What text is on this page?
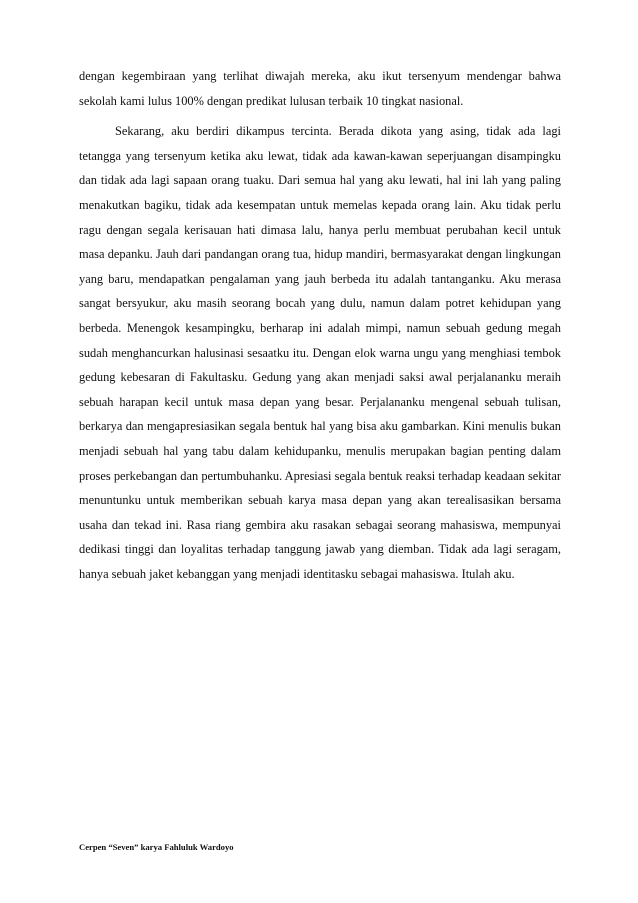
dengan kegembiraan yang terlihat diwajah mereka, aku ikut tersenyum mendengar bahwa sekolah kami lulus 100% dengan predikat lulusan terbaik 10 tingkat nasional.

Sekarang, aku berdiri dikampus tercinta. Berada dikota yang asing, tidak ada lagi tetangga yang tersenyum ketika aku lewat, tidak ada kawan-kawan seperjuangan disampingku dan tidak ada lagi sapaan orang tuaku. Dari semua hal yang aku lewati, hal ini lah yang paling menakutkan bagiku, tidak ada kesempatan untuk memelas kepada orang lain. Aku tidak perlu ragu dengan segala kerisauan hati dimasa lalu, hanya perlu membuat perubahan kecil untuk masa depanku. Jauh dari pandangan orang tua, hidup mandiri, bermasyarakat dengan lingkungan yang baru, mendapatkan pengalaman yang jauh berbeda itu adalah tantanganku. Aku merasa sangat bersyukur, aku masih seorang bocah yang dulu, namun dalam potret kehidupan yang berbeda. Menengok kesampingku, berharap ini adalah mimpi, namun sebuah gedung megah sudah menghancurkan halusinasi sesaatku itu. Dengan elok warna ungu yang menghiasi tembok gedung kebesaran di Fakultasku. Gedung yang akan menjadi saksi awal perjalananku meraih sebuah harapan kecil untuk masa depan yang besar. Perjalananku mengenal sebuah tulisan, berkarya dan mengapresiasikan segala bentuk hal yang bisa aku gambarkan. Kini menulis bukan menjadi sebuah hal yang tabu dalam kehidupanku, menulis merupakan bagian penting dalam proses perkebangan dan pertumbuhanku. Apresiasi segala bentuk reaksi terhadap keadaan sekitar menuntunku untuk memberikan sebuah karya masa depan yang akan terealisasikan bersama usaha dan tekad ini. Rasa riang gembira aku rasakan sebagai seorang mahasiswa, mempunyai dedikasi tinggi dan loyalitas terhadap tanggung jawab yang diemban. Tidak ada lagi seragam, hanya sebuah jaket kebanggan yang menjadi identitasku sebagai mahasiswa. Itulah aku.

Cerpen “Seven” karya Fahluluk Wardoyo
